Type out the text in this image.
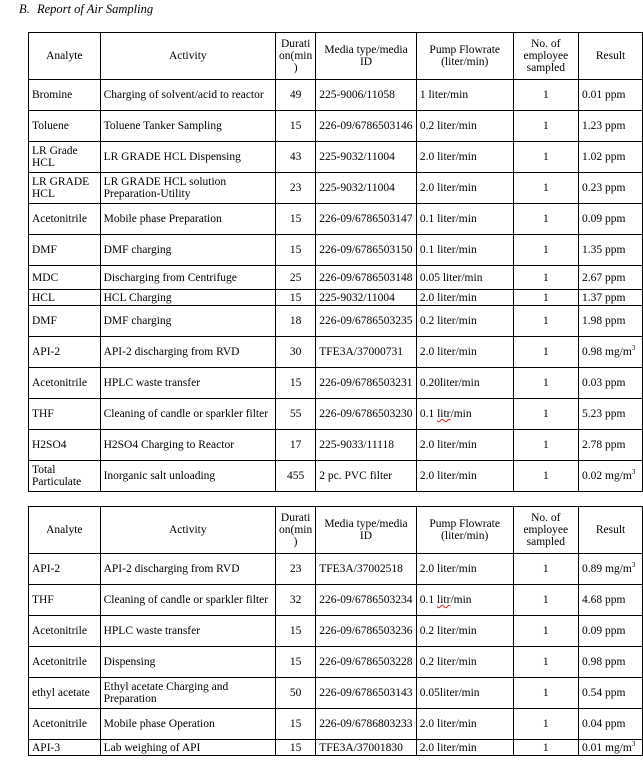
B. Report of Air Sampling
Analyte	Activity	Durati on(min )	Media type/media ID	Pump Flowrate (liter/min)	No. of employee sampled	Result
Bromine	Charging of solvent/acid to reactor	49	225-9006/11058	1 liter/min	1	0.01 ppm
Toluene	Toluene Tanker Sampling	15	226-09/6786503146	0.2 liter/min	1	1.23 ppm
LR Grade HCL	LR GRADE HCL Dispensing	43	225-9032/11004	2.0 liter/min	1	1.02 ppm
LR GRADE HCL	LR GRADE HCL solution Preparation-Utility	23	225-9032/11004	2.0 liter/min	1	0.23 ppm
Acetonitrile	Mobile phase Preparation	15	226-09/6786503147	0.1 liter/min	1	0.09 ppm
DMF	DMF charging	15	226-09/6786503150	0.1 liter/min	1	1.35 ppm
MDC	Discharging from Centrifuge	25	226-09/6786503148	0.05 liter/min	1	2.67 ppm
HCL	HCL Charging	15	225-9032/11004	2.0 liter/min	1	1.37 ppm
DMF	DMF charging	18	226-09/6786503235	0.2 liter/min	1	1.98 ppm
API-2	API-2 discharging from RVD	30	TFE3A/37000731	2.0 liter/min	1	0.98 $mg/m^3$
Acetonitrile	HPLC waste transfer	15	226-09/6786503231	0.20liter/min	1	0.03 ppm
THF	Cleaning of candle or sparkler filter	55	226-09/6786503230	0.1 litr/min	1	5.23 ppm
H2SO4	H2SO4 Charging to Reactor	17	225-9033/11118	2.0 liter/min	1	2.78 ppm
Total Particulate	Inorganic salt unloading	455	2 pc. PVC filter	2.0 liter/min	1	0.02 $mg/m^3$
Analyte	Activity	Durati on(min )	Media type/media ID	Pump Flowrate (liter/min)	No. of employee sampled	Result
API-2	API-2 discharging from RVD	23	TFE3A/37002518	2.0 liter/min	1	0.89 $mg/m^3$
THF	Cleaning of candle or sparkler filter	32	226-09/6786503234	0.1 litr/min	1	4.68 ppm
Acetonitrile	HPLC waste transfer	15	226-09/6786503236	0.2 liter/min	1	0.09 ppm
Acetonitrile	Dispensing	15	226-09/6786503228	0.2 liter/min	1	0.98 ppm
ethyl acetate	Ethyl acetate Charging and Preparation	50	226-09/6786503143	0.05liter/min	1	0.54 ppm
Acetonitrile	Mobile phase Operation	15	226-09/6786803233	2.0 liter/min	1	0.04 ppm
API-3	Lab weighing of API	15	TFE3A/37001830	2.0 liter/min	1	0.01 $mg/m^3$
